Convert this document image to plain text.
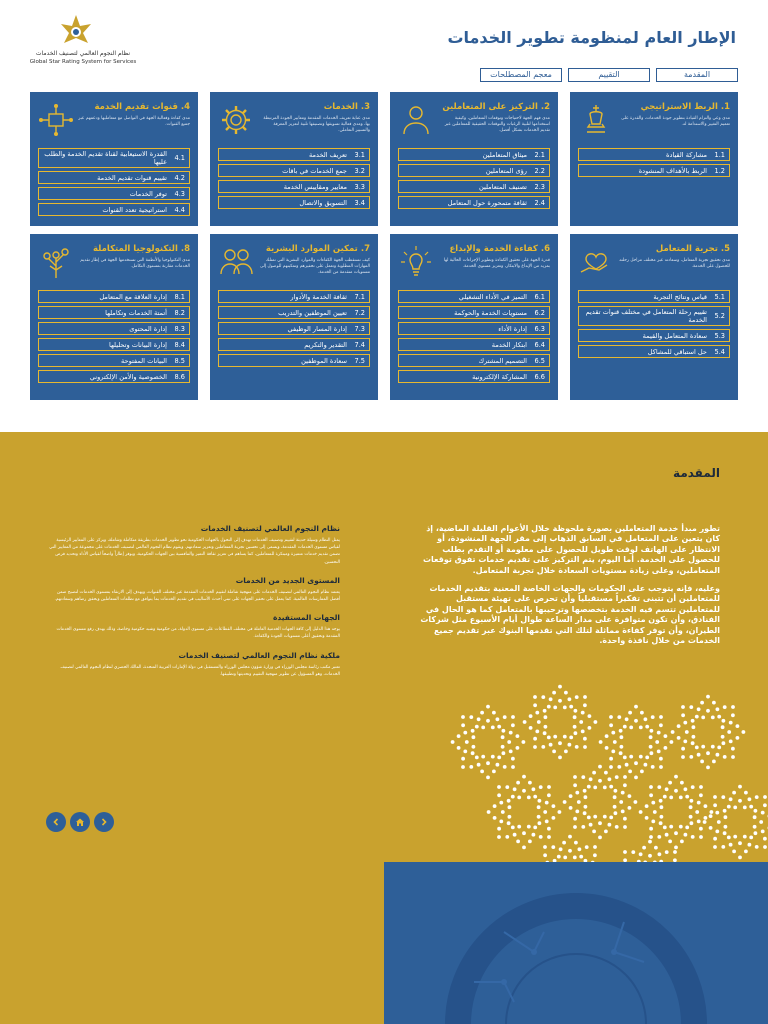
الإطار العام لمنظومة تطوير الخدمات
نظام النجوم العالمي لتصنيف الخدمات
Global Star Rating System for Services
المقدمة
التقييم
معجم المصطلحات
1. الربط الاستراتيجي
مدى وعي والتزام القيادة بتطوير جودة الخدمات، والقدرة على تعميم التغيير والاستدامة له.
1.1
مشاركة القيادة
1.2
الربط بالأهداف المنشودة
2. التركيز على المتعاملين
مدى فهم الجهة لاحتياجات وتوقعات المتعاملين، وكيفية استخدامها لتلبية الرغبات والتوقعات الحقيقية للمتعاملين عبر تقديم الخدمات بشكل أفضل.
2.1
ميثاق المتعاملين
2.2
رؤى المتعاملين
2.3
تصنيف المتعاملين
2.4
ثقافة متمحورة حول المتعامل
3. الخدمات
مدى عناية تعريف الخدمات المقدمة ومعايير الجودة المرتبطة بها، ومدى فعالية تسويقها وتصنيفها تلبية لتعزيز المعرفة والتسيير التعاملي.
3.1
تعريف الخدمة
3.2
جمع الخدمات في باقات
3.3
معايير ومقاييس الخدمة
3.4
التسويق والاتصال
4. قنوات تقديم الخدمة
مدى كفاءة وفعالية الجهة في التواصل مع متعامليها ودعمهم عبر جميع القنوات.
4.1
القدرة الاستيعابية لقناة تقديم الخدمة والطلب عليها
4.2
تقييم قنوات تقديم الخدمة
4.3
توفر الخدمات
4.4
استراتيجية تعدد القنوات
5. تجربة المتعامل
مدى تحقيق تجربة المتعامل، وسعادته عبر مختلف مراحل رحلته للحصول على الخدمة.
5.1
قياس ونتائج التجربة
5.2
تقييم رحلة المتعامل في مختلف قنوات تقديم الخدمة
5.3
سعادة المتعامل والقيمة
5.4
حل استباقي للمشاكل
6. كفاءة الخدمة والإبداع
قدرة الجهة على تحقيق الكفاءة وتطوير الإجراءات الحالية لها بمزيد من الإبداع والابتكار، وتعزيز مستوى الخدمة.
6.1
التميز في الأداء التشغيلي
6.2
مستويات الخدمة والحوكمة
6.3
إدارة الأداء
6.4
ابتكار الخدمة
6.5
التصميم المشترك
6.6
المشاركة الإلكترونية
7. تمكين الموارد البشرية
كيف تستقطب الجهة الكفاءات والموارد البشرية التي تمتلك المهارات المطلوبة وتعمل على تحفيزهم وتمكينهم للوصول إلى مستويات متقدمة من الخدمة.
7.1
ثقافة الخدمة والأدوار
7.2
تعيين الموظفين والتدريب
7.3
إدارة المسار الوظيفي
7.4
التقدير والتكريم
7.5
سعادة الموظفين
8. التكنولوجيا المتكاملة
مدى التكنولوجيا والأنظمة التي تستخدمها الجهة في إطار تقديم الخدمات مقارنة بمستوى التكامل.
8.1
إدارة العلاقة مع المتعامل
8.2
أتمتة الخدمات وتكاملها
8.3
إدارة المحتوى
8.4
إدارة البيانات وتحليلها
8.5
البيانات المفتوحة
8.6
الخصوصية والأمن الإلكتروني
المقدمة

تطور مبدأ خدمة المتعاملين بصورة ملحوظة خلال الأعوام القليلة الماضية، إذ كان يتعين على المتعامل في السابق الذهاب إلى مقر الجهة المنشودة، أو الانتظار على الهاتف لوقت طويل للحصول على معلومة أو التقدم بطلب للحصول على الخدمة. أما اليوم، يتم التركيز على تقديم خدمات تفوق توقعات المتعاملين، وعلى زيادة مستويات السعادة خلال تجربة المتعامل.

وعليه، فإنه يتوجب على الحكومات والجهات الخاصة المعنية بتقديم الخدمات للمتعاملين أن تتبنى تفكيراً مستقبلياً وأن تحرص على تهيئة مستقبل للمتعاملين تتسم فيه الخدمة بتخصصها وترحيبها بالمتعامل كما هو الحال في الفنادق، وأن تكون متوافرة على مدار الساعة طوال أيام الأسبوع مثل شركات الطيران، وأن توفر كفاءة مماثلة لتلك التي تقدمها البنوك عبر تقديم جميع الخدمات من خلال نافذة واحدة.

نظام النجوم العالمي لتصنيف الخدمات
يمثل النظام وسيلة حديثة لتقييم وتصنيف الخدمات تهدف إلى التحول بالجهات الحكومية نحو تطوير الخدمات بطريقة متكاملة وشاملة، ويركز على المعايير الرئيسية لقياس مستوى الخدمات المقدمة، ويسعى إلى تحسين تجربة المتعاملين وتعزيز سعادتهم. ويقوم نظام النجوم العالمي لتصنيف الخدمات على مجموعة من المعايير التي تضمن تقديم خدمات متميزة ومبتكرة للمتعاملين، كما يساهم في تعزيز ثقافة التميز والتنافسية بين الجهات الحكومية، ويوفر إطاراً واضحاً لقياس الأداء وتحديد فرص التحسين.
المستوى الجديد من الخدمات
يعتمد نظام النجوم العالمي لتصنيف الخدمات على منهجية شاملة لتقييم الخدمات المقدمة عبر مختلف القنوات، ويهدف إلى الارتقاء بمستوى الخدمات لتصبح ضمن أفضل الممارسات العالمية. كما يعمل على تحفيز الجهات على تبني أحدث الأساليب في تقديم الخدمات بما يتوافق مع تطلعات المتعاملين ويحقق رضاهم وسعادتهم.
الجهات المستفيدة
يوجه هذا الدليل إلى كافة الجهات الخدمية العاملة في مختلف القطاعات على مستوى الدولة، من حكومية وشبه حكومية وخاصة، وذلك بهدف رفع مستوى الخدمات المقدمة وتحقيق أعلى مستويات الجودة والكفاءة.
ملكية نظام النجوم العالمي لتصنيف الخدمات
تعتبر مكتب رئاسة مجلس الوزراء في وزارة شؤون مجلس الوزراء والمستقبل في دولة الإمارات العربية المتحدة، المالك الحصري لنظام النجوم العالمي لتصنيف الخدمات، وهو المسؤول عن تطوير منهجية التقييم وتحديثها وتطبيقها.
